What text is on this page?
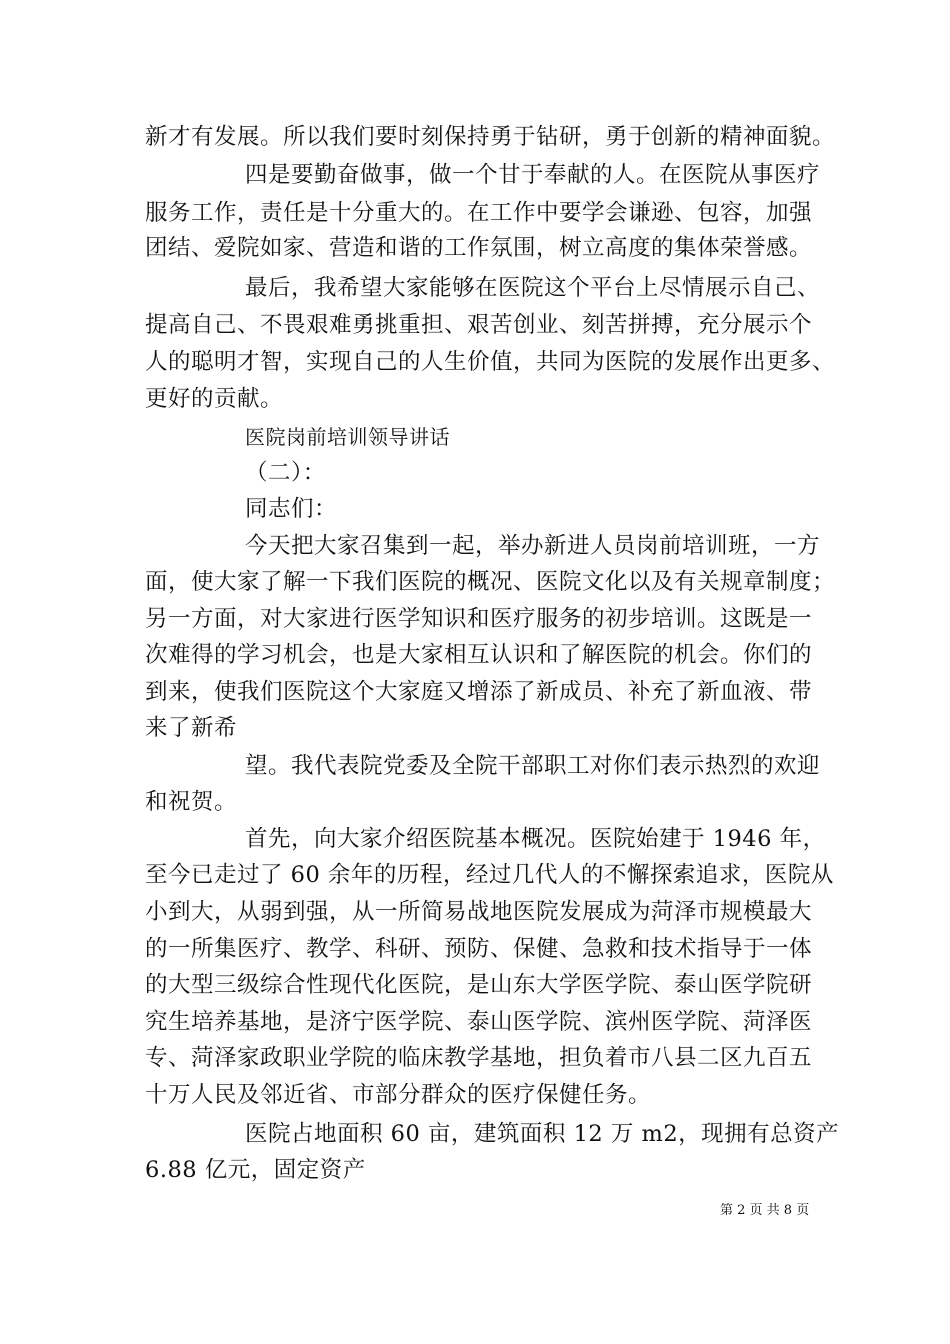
新才有发展。所以我们要时刻保持勇于钻研，勇于创新的精神面貌。
四是要勤奋做事，做一个甘于奉献的人。在医院从事医疗
服务工作，责任是十分重大的。在工作中要学会谦逊、包容，加强
团结、爱院如家、营造和谐的工作氛围，树立高度的集体荣誉感。
最后，我希望大家能够在医院这个平台上尽情展示自己、
提高自己、不畏艰难勇挑重担、艰苦创业、刻苦拼搏，充分展示个
人的聪明才智，实现自己的人生价值，共同为医院的发展作出更多、
更好的贡献。
医院岗前培训领导讲话
（二）：
同志们：
今天把大家召集到一起，举办新进人员岗前培训班，一方
面，使大家了解一下我们医院的概况、医院文化以及有关规章制度；
另一方面，对大家进行医学知识和医疗服务的初步培训。这既是一
次难得的学习机会，也是大家相互认识和了解医院的机会。你们的
到来，使我们医院这个大家庭又增添了新成员、补充了新血液、带
来了新希
望。我代表院党委及全院干部职工对你们表示热烈的欢迎
和祝贺。
首先，向大家介绍医院基本概况。医院始建于 1946 年，
至今已走过了 60 余年的历程，经过几代人的不懈探索追求，医院从
小到大，从弱到强，从一所简易战地医院发展成为菏泽市规模最大
的一所集医疗、教学、科研、预防、保健、急救和技术指导于一体
的大型三级综合性现代化医院，是山东大学医学院、泰山医学院研
究生培养基地，是济宁医学院、泰山医学院、滨州医学院、菏泽医
专、菏泽家政职业学院的临床教学基地，担负着市八县二区九百五
十万人民及邻近省、市部分群众的医疗保健任务。
医院占地面积 60 亩，建筑面积 12 万 m2，现拥有总资产
6.88 亿元，固定资产
第 2 页 共 8 页
